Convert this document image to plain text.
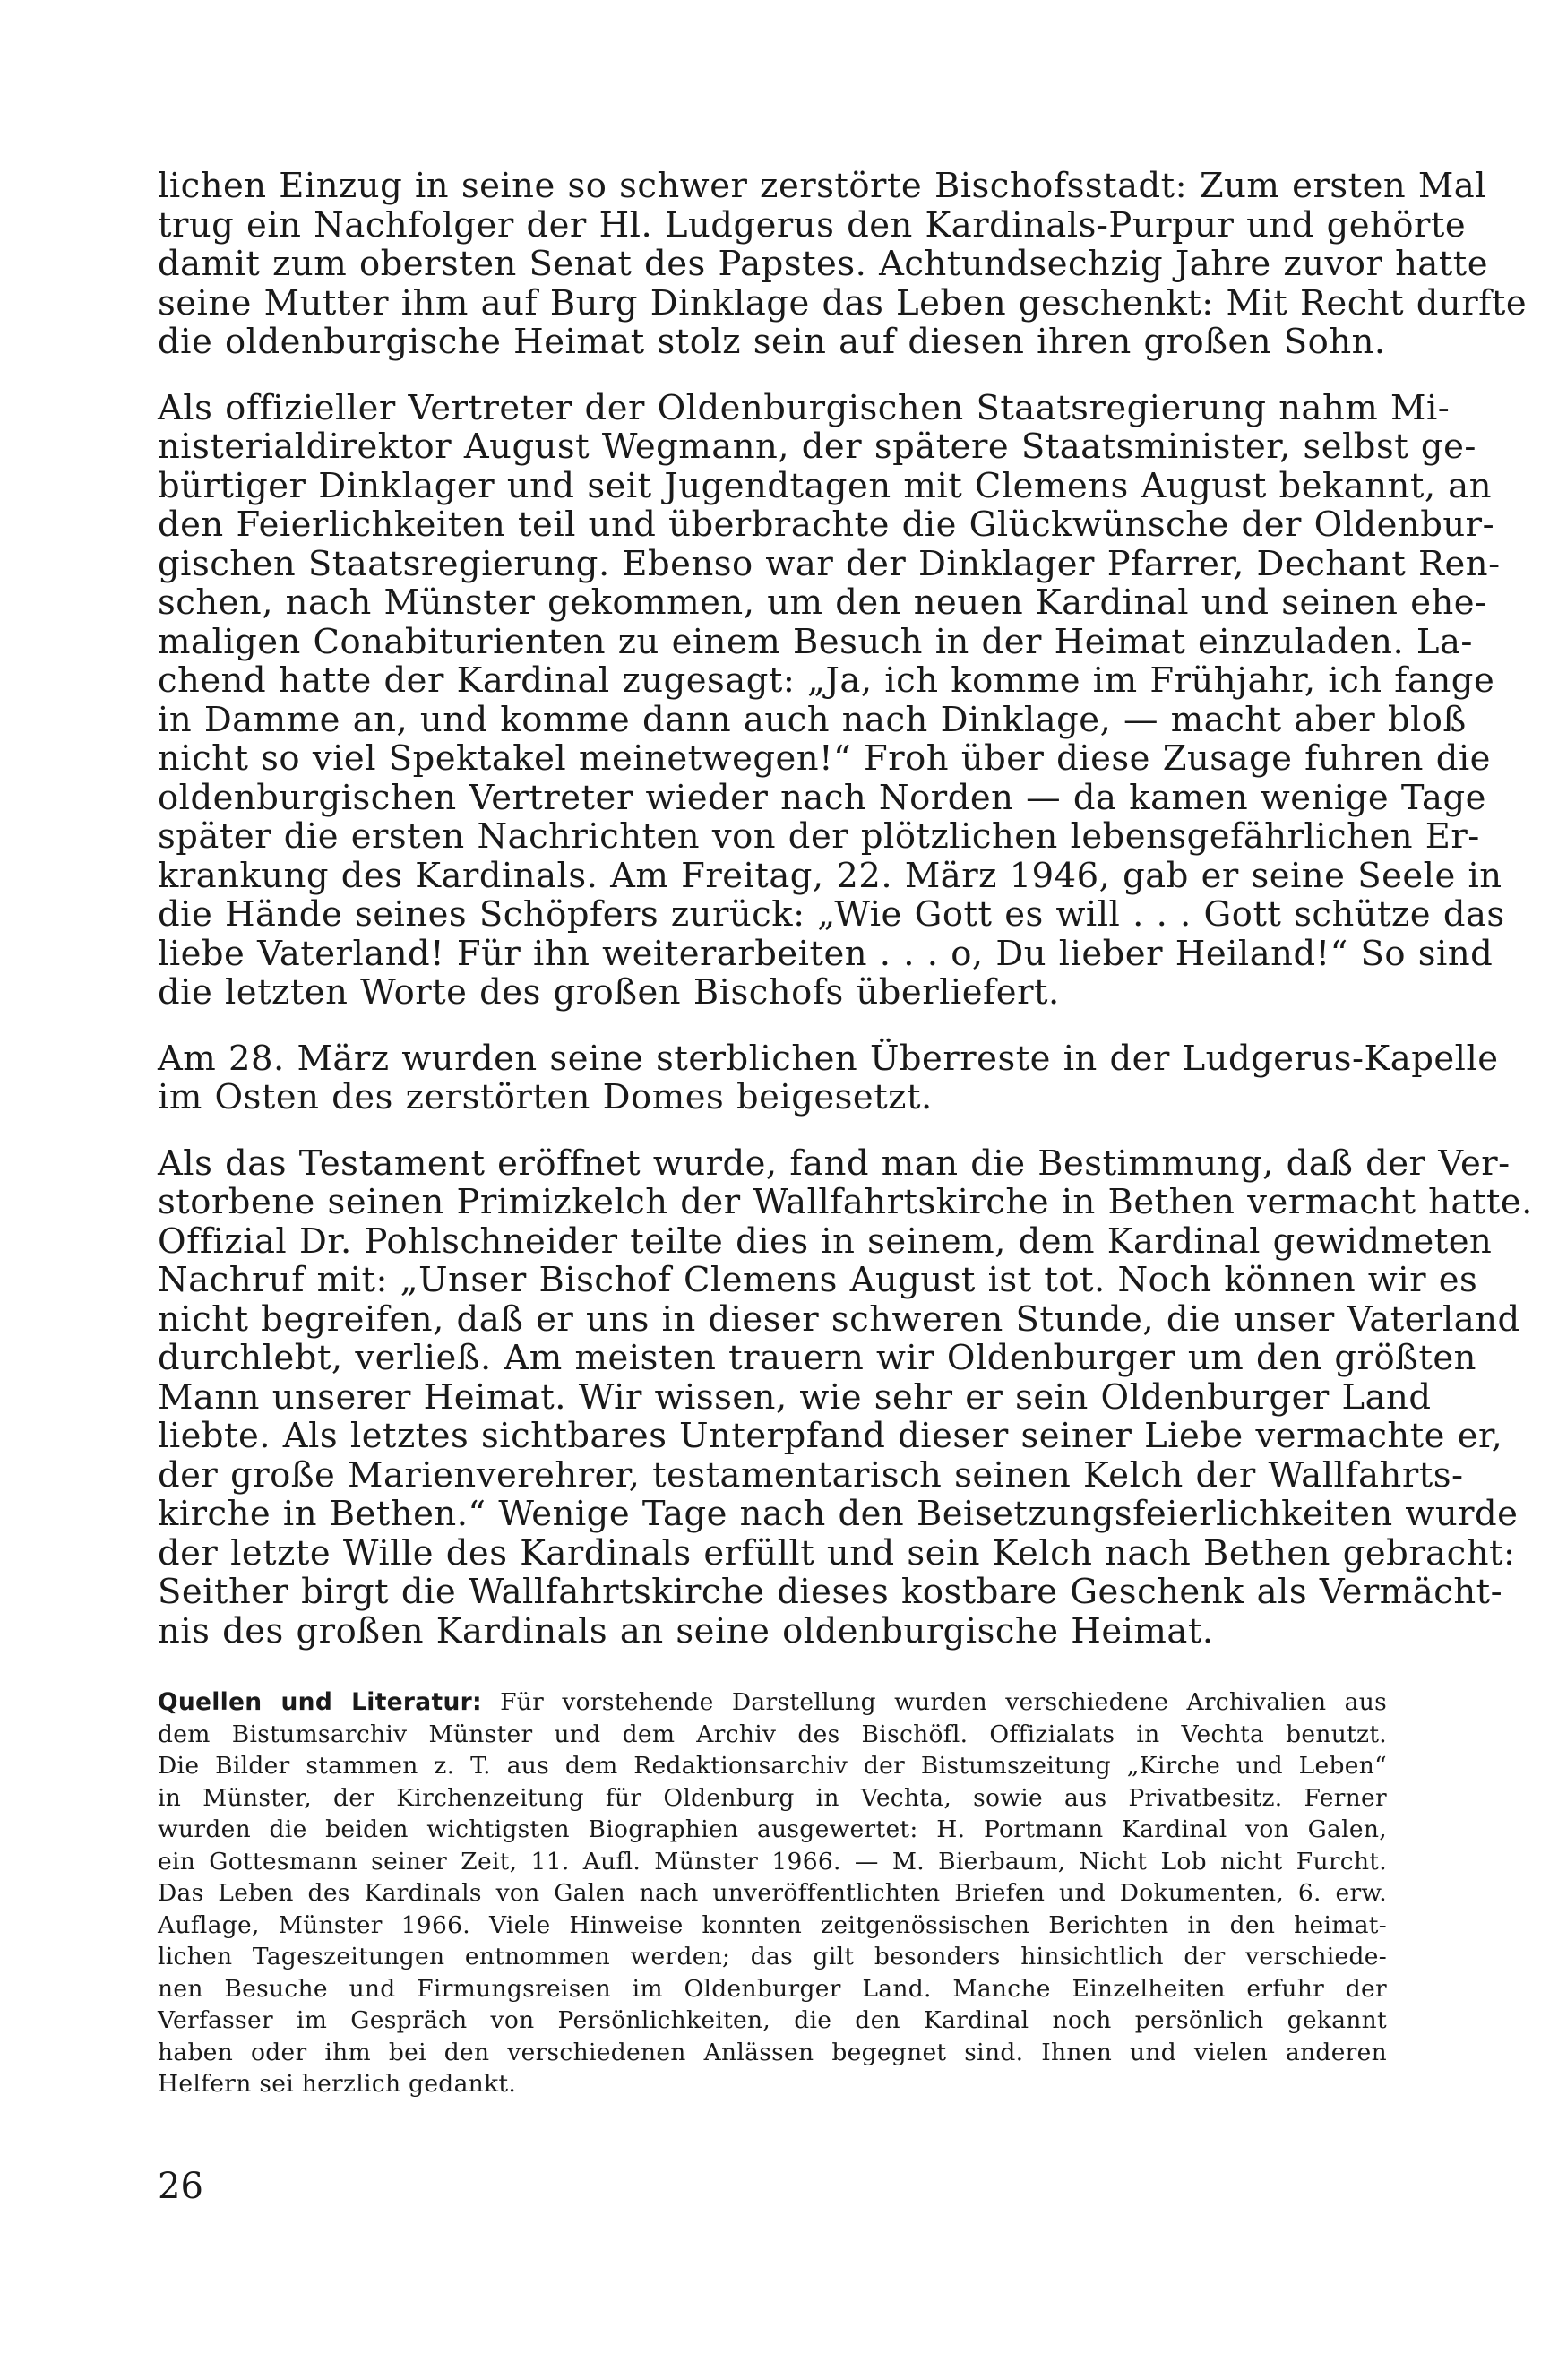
lichen Einzug in seine so schwer zerstörte Bischofsstadt: Zum ersten Mal
trug ein Nachfolger der Hl. Ludgerus den Kardinals-Purpur und gehörte
damit zum obersten Senat des Papstes. Achtundsechzig Jahre zuvor hatte
seine Mutter ihm auf Burg Dinklage das Leben geschenkt: Mit Recht durfte
die oldenburgische Heimat stolz sein auf diesen ihren großen Sohn.

Als offizieller Vertreter der Oldenburgischen Staatsregierung nahm Mi-
nisterialdirektor August Wegmann, der spätere Staatsminister, selbst ge-
bürtiger Dinklager und seit Jugendtagen mit Clemens August bekannt, an
den Feierlichkeiten teil und überbrachte die Glückwünsche der Oldenbur-
gischen Staatsregierung. Ebenso war der Dinklager Pfarrer, Dechant Ren-
schen, nach Münster gekommen, um den neuen Kardinal und seinen ehe-
maligen Conabiturienten zu einem Besuch in der Heimat einzuladen. La-
chend hatte der Kardinal zugesagt: „Ja, ich komme im Frühjahr, ich fange
in Damme an, und komme dann auch nach Dinklage, — macht aber bloß
nicht so viel Spektakel meinetwegen!“ Froh über diese Zusage fuhren die
oldenburgischen Vertreter wieder nach Norden — da kamen wenige Tage
später die ersten Nachrichten von der plötzlichen lebensgefährlichen Er-
krankung des Kardinals. Am Freitag, 22. März 1946, gab er seine Seele in
die Hände seines Schöpfers zurück: „Wie Gott es will . . . Gott schütze das
liebe Vaterland! Für ihn weiterarbeiten . . . o, Du lieber Heiland!“ So sind
die letzten Worte des großen Bischofs überliefert.

Am 28. März wurden seine sterblichen Überreste in der Ludgerus-Kapelle
im Osten des zerstörten Domes beigesetzt.

Als das Testament eröffnet wurde, fand man die Bestimmung, daß der Ver-
storbene seinen Primizkelch der Wallfahrtskirche in Bethen vermacht hatte.
Offizial Dr. Pohlschneider teilte dies in seinem, dem Kardinal gewidmeten
Nachruf mit: „Unser Bischof Clemens August ist tot. Noch können wir es
nicht begreifen, daß er uns in dieser schweren Stunde, die unser Vaterland
durchlebt, verließ. Am meisten trauern wir Oldenburger um den größten
Mann unserer Heimat. Wir wissen, wie sehr er sein Oldenburger Land
liebte. Als letztes sichtbares Unterpfand dieser seiner Liebe vermachte er,
der große Marienverehrer, testamentarisch seinen Kelch der Wallfahrts-
kirche in Bethen.“ Wenige Tage nach den Beisetzungsfeierlichkeiten wurde
der letzte Wille des Kardinals erfüllt und sein Kelch nach Bethen gebracht:
Seither birgt die Wallfahrtskirche dieses kostbare Geschenk als Vermächt-
nis des großen Kardinals an seine oldenburgische Heimat.

Quellen und Literatur: Für vorstehende Darstellung wurden verschiedene Archivalien aus
dem Bistumsarchiv Münster und dem Archiv des Bischöfl. Offizialats in Vechta benutzt.
Die Bilder stammen z. T. aus dem Redaktionsarchiv der Bistumszeitung „Kirche und Leben“
in Münster, der Kirchenzeitung für Oldenburg in Vechta, sowie aus Privatbesitz. Ferner
wurden die beiden wichtigsten Biographien ausgewertet: H. Portmann Kardinal von Galen,
ein Gottesmann seiner Zeit, 11. Aufl. Münster 1966. — M. Bierbaum, Nicht Lob nicht Furcht.
Das Leben des Kardinals von Galen nach unveröffentlichten Briefen und Dokumenten, 6. erw.
Auflage, Münster 1966. Viele Hinweise konnten zeitgenössischen Berichten in den heimat-
lichen Tageszeitungen entnommen werden; das gilt besonders hinsichtlich der verschiede-
nen Besuche und Firmungsreisen im Oldenburger Land. Manche Einzelheiten erfuhr der
Verfasser im Gespräch von Persönlichkeiten, die den Kardinal noch persönlich gekannt
haben oder ihm bei den verschiedenen Anlässen begegnet sind. Ihnen und vielen anderen
Helfern sei herzlich gedankt.
26
